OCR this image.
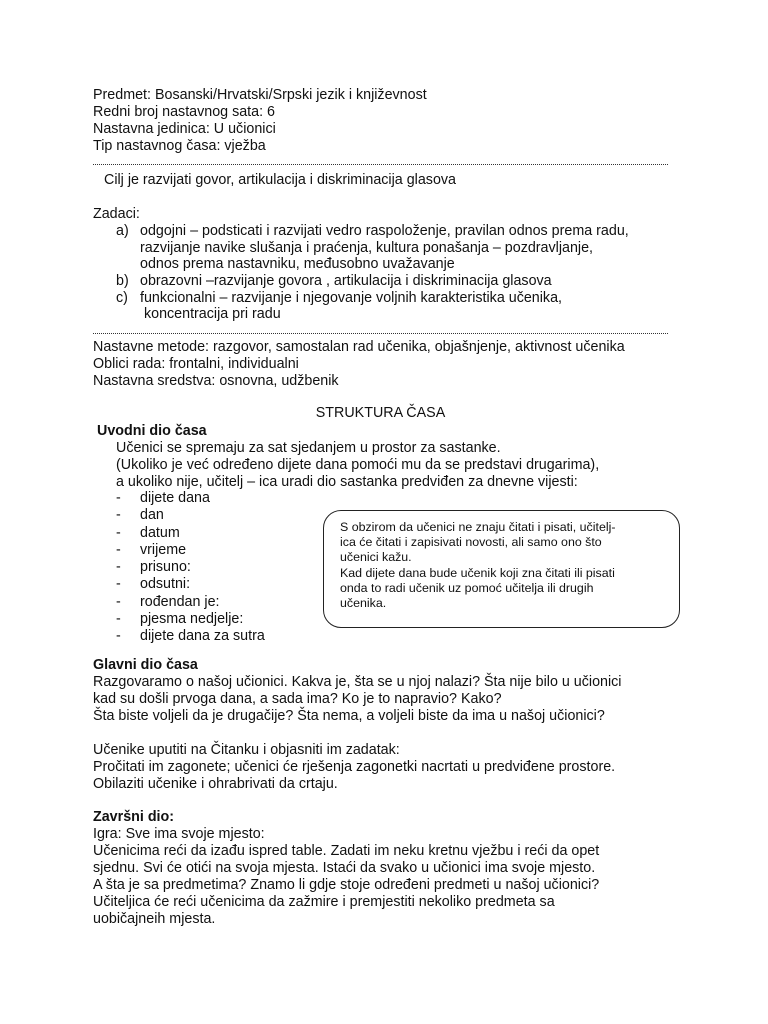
Predmet: Bosanski/Hrvatski/Srpski jezik i književnost
Redni broj nastavnog sata: 6
Nastavna jedinica: U učionici
Tip nastavnog časa: vježba
Cilj je razvijati govor, artikulacija i diskriminacija glasova
Zadaci:
a) odgojni – podsticati i razvijati vedro raspoloženje, pravilan odnos prema radu,
razvijanje navike slušanja i praćenja, kultura ponašanja – pozdravljanje,
odnos prema nastavniku, međusobno uvažavanje
b) obrazovni –razvijanje govora , artikulacija i diskriminacija glasova
c) funkcionalni – razvijanje i njegovanje voljnih karakteristika učenika,
koncentracija pri radu
Nastavne metode: razgovor, samostalan rad učenika, objašnjenje, aktivnost učenika
Oblici rada: frontalni, individualni
Nastavna sredstva: osnovna, udžbenik
STRUKTURA ČASA
Uvodni dio časa
Učenici se spremaju za sat sjedanjem u prostor za sastanke.
(Ukoliko je već određeno dijete dana pomoći mu da se predstavi drugarima),
a ukoliko nije, učitelj – ica uradi dio sastanka predviđen za dnevne vijesti:
- dijete dana
- dan
- datum
- vrijeme
- prisuno:
- odsutni:
- rođendan je:
- pjesma nedjelje:
- dijete dana za sutra
S obzirom da učenici ne znaju čitati i pisati, učitelj-
ica će čitati i zapisivati novosti, ali samo ono što
učenici kažu.
Kad dijete dana bude učenik koji zna čitati ili pisati
onda to radi učenik uz pomoć učitelja ili drugih
učenika.
Glavni dio časa
Razgovaramo o našoj učionici. Kakva je, šta se u njoj nalazi? Šta nije bilo u učionici
kad su došli prvoga dana, a sada ima? Ko je to napravio? Kako?
Šta biste voljeli da je drugačije? Šta nema, a voljeli biste da ima u našoj učionici?
Učenike uputiti na Čitanku i objasniti im zadatak:
Pročitati im zagonete; učenici će rješenja zagonetki nacrtati u predviđene prostore.
Obilaziti učenike i ohrabrivati da crtaju.
Završni dio:
Igra: Sve ima svoje mjesto:
Učenicima reći da izađu ispred table. Zadati im neku kretnu vježbu i reći da opet
sjednu. Svi će otići na svoja mjesta. Istaći da svako u učionici ima svoje mjesto.
A šta je sa predmetima? Znamo li gdje stoje određeni predmeti u našoj učionici?
Učiteljica će reći učenicima da zažmire i premjestiti nekoliko predmeta sa
uobičajneih mjesta.
